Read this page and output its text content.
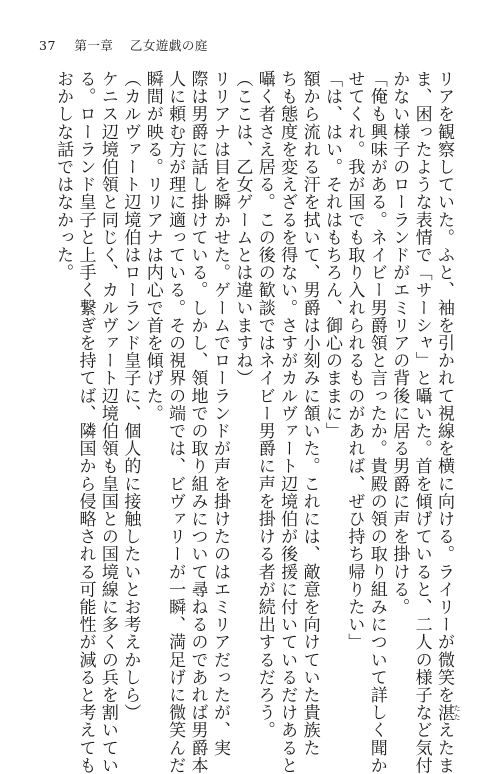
37 第一章 乙女遊戯の庭
リアを観察していた。ふと、袖を引かれて視線を横に向ける。ライリーが微笑を湛 たたえたま
ま、困ったような表情で「サーシャ」と囁いた。首を傾げていると、二人の様子など気付
かない様子のローランドがエミリアの背後に居る男爵に声を掛ける。
「俺も興味がある。ネイビー男爵領と言ったか。貴殿の領の取り組みについて詳しく聞か
せてくれ。我が国でも取り入れられるものがあれば、ぜひ持ち帰りたい」
「は、はい。それはもちろん、御心のままに」
額から流れる汗を拭いて、男爵は小刻みに頷いた。これには、敵意を向けていた貴族た
ちも態度を変えざるを得ない。さすがカルヴァート辺境伯が後援に付いているだけあると
囁く者さえ居る。この後の歓談ではネイビー男爵に声を掛ける者が続出するだろう。
（ここは、乙女ゲームとは違いますね）
リリアナは目を瞬かせた。ゲームでローランドが声を掛けたのはエミリアだったが、実
際は男爵に話し掛けている。しかし、領地での取り組みについて尋ねるのであれば男爵本
人に頼む方が理に適っている。その視界の端では、ビヴァリーが一瞬、満足げに微笑んだ
瞬間が映る。リリアナは内心で首を傾げた。
（カルヴァート辺境伯はローランド皇子に、個人的に接触したいとお考えかしら）
ケニス辺境伯領と同じく、カルヴァート辺境伯領も皇国との国境線に多くの兵を割いてい
る。ローランド皇子と上手く繋ぎを持てば、隣国から侵略される可能性が減ると考えても
おかしな話ではなかった。
